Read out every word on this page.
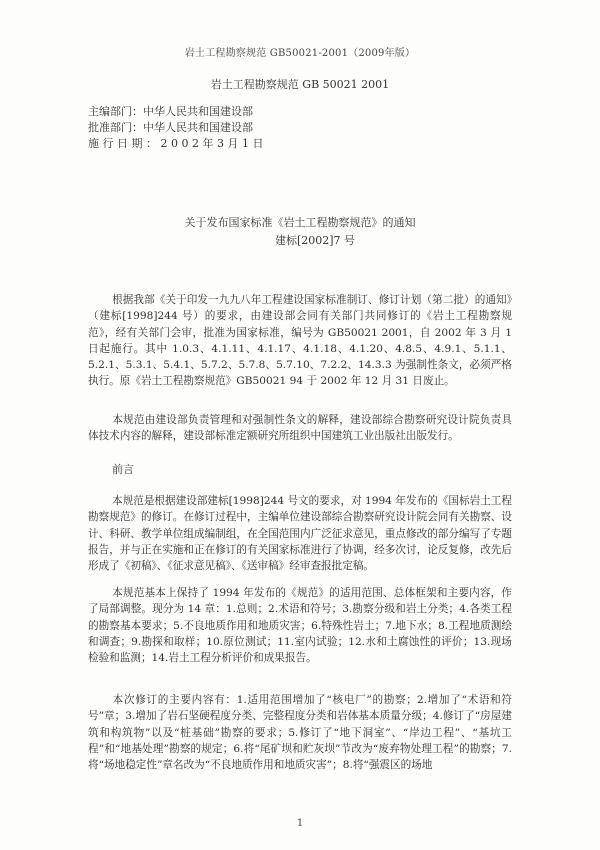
岩土工程勘察规范 GB50021-2001（2009年版）
岩土工程勘察规范 GB 50021 2001
主编部门：中华人民共和国建设部
批准部门：中华人民共和国建设部
施行日期：2002年3月1日
关于发布国家标准《岩土工程勘察规范》的通知
建标[2002]7 号

根据我部《关于印发一九九八年工程建设国家标准制订、修订计划（第二批）的通知》（建标[1998]244 号）的要求，由建设部会同有关部门共同修订的《岩土工程勘察规范》，经有关部门会审，批准为国家标准，编号为 GB50021 2001，自 2002 年 3 月 1 日起施行。其中 1.0.3、4.1.11、4.1.17、4.1.18、4.1.20、4.8.5、4.9.1、5.1.1、5.2.1、5.3.1、5.4.1、5.7.2、5.7.8、5.7.10、7.2.2、14.3.3 为强制性条文，必须严格执行。原《岩土工程勘察规范》GB50021 94 于 2002 年 12 月 31 日废止。

本规范由建设部负责管理和对强制性条文的解释，建设部综合勘察研究设计院负责具体技术内容的解释，建设部标准定额研究所组织中国建筑工业出版社出版发行。

前言

本规范是根据建设部建标[1998]244 号文的要求，对 1994 年发布的《国标岩土工程勘察规范》的修订。在修订过程中，主编单位建设部综合勘察研究设计院会同有关勘察、设计、科研、教学单位组成编制组，在全国范围内广泛征求意见，重点修改的部分编写了专题报告，并与正在实施和正在修订的有关国家标准进行了协调，经多次讨，论反复修，改先后形成了《初稿》、《征求意见稿》、《送审稿》经审查报批定稿。

本规范基本上保持了 1994 年发布的《规范》的适用范围、总体框架和主要内容，作了局部调整。现分为 14 章：1.总则；2.术语和符号；3.勘察分级和岩土分类；4.各类工程的勘察基本要求；5.不良地质作用和地质灾害；6.特殊性岩土；7.地下水；8.工程地质测绘和调查；9.勘探和取样；10.原位测试；11.室内试验；12.水和土腐蚀性的评价；13.现场检验和监测；14.岩土工程分析评价和成果报告。

本次修订的主要内容有：1.适用范围增加了“核电厂”的勘察；2.增加了“术语和符号”章；3.增加了岩石坚硬程度分类、完整程度分类和岩体基本质量分级；4.修订了“房屋建筑和构筑物”以及“桩基础”勘察的要求；5.修订了“地下洞室”、“岸边工程”、“基坑工程”和“地基处理”勘察的规定；6.将“尾矿坝和贮灰坝”节改为“废弃物处理工程”的勘察；7.将“场地稳定性”章名改为“不良地质作用和地质灾害”；8.将“强震区的场地

1
